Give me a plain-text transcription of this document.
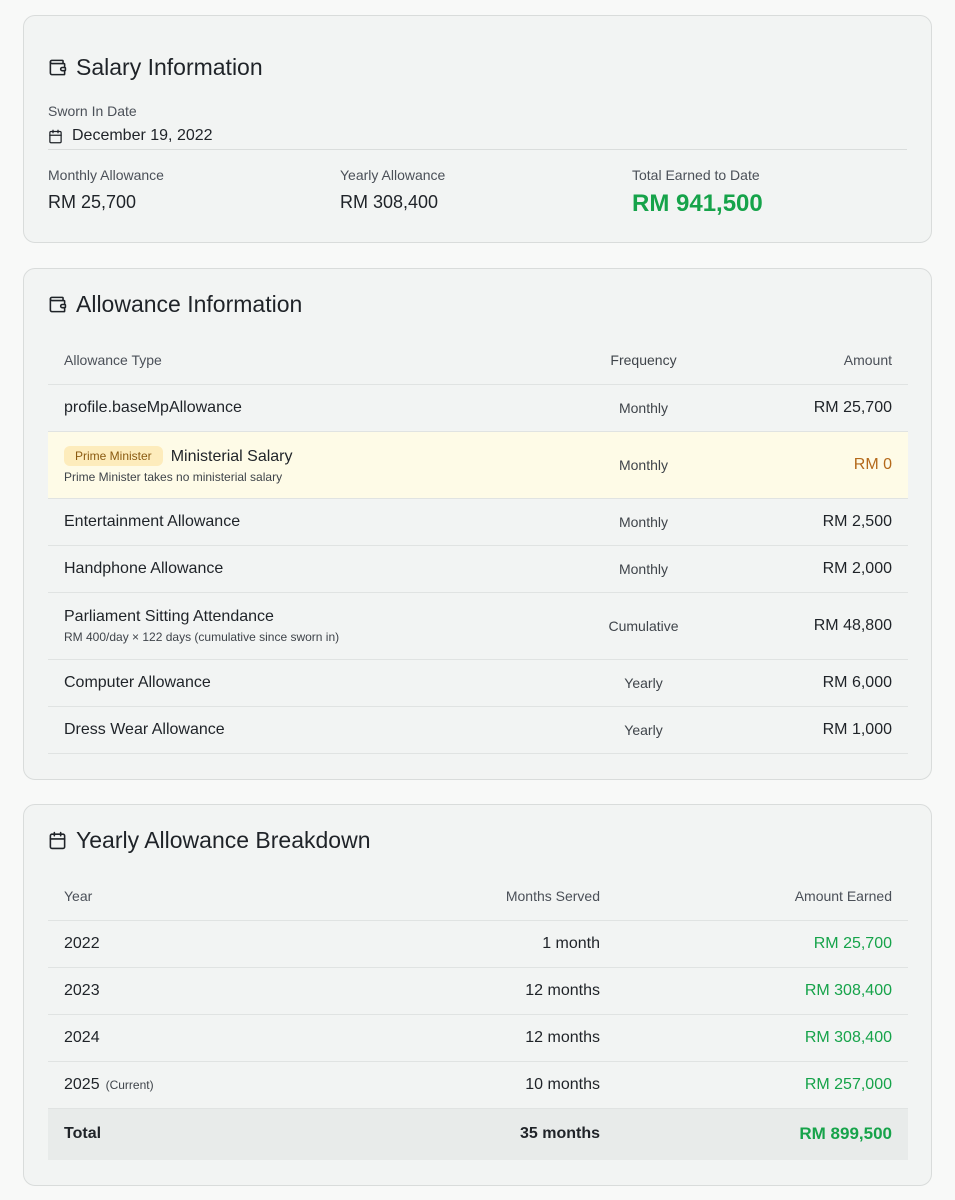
Salary Information
Sworn In Date
December 19, 2022
Monthly Allowance
RM 25,700
Yearly Allowance
RM 308,400
Total Earned to Date
RM 941,500
Allowance Information
Allowance Type	Frequency	Amount
profile.baseMpAllowance	Monthly	RM 25,700
Prime Minister Ministerial Salary
Prime Minister takes no ministerial salary	Monthly	RM 0
Entertainment Allowance	Monthly	RM 2,500
Handphone Allowance	Monthly	RM 2,000
Parliament Sitting Attendance
RM 400/day × 122 days (cumulative since sworn in)	Cumulative	RM 48,800
Computer Allowance	Yearly	RM 6,000
Dress Wear Allowance	Yearly	RM 1,000
Yearly Allowance Breakdown
Year	Months Served	Amount Earned
2022	1 month	RM 25,700
2023	12 months	RM 308,400
2024	12 months	RM 308,400
2025 (Current)	10 months	RM 257,000
Total	35 months	RM 899,500
